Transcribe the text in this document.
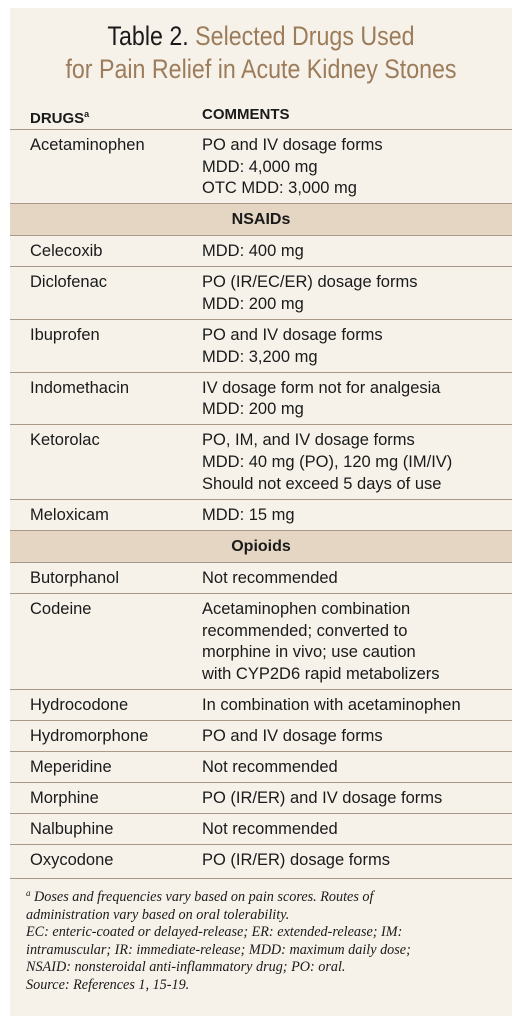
Table 2. Selected Drugs Used
for Pain Relief in Acute Kidney Stones
DRUGS$^a$	COMMENTS
Acetaminophen	PO and IV dosage forms
MDD: 4,000 mg
OTC MDD: 3,000 mg
NSAIDs
Celecoxib	MDD: 400 mg
Diclofenac	PO (IR/EC/ER) dosage forms
MDD: 200 mg
Ibuprofen	PO and IV dosage forms
MDD: 3,200 mg
Indomethacin	IV dosage form not for analgesia
MDD: 200 mg
Ketorolac	PO, IM, and IV dosage forms
MDD: 40 mg (PO), 120 mg (IM/IV)
Should not exceed 5 days of use
Meloxicam	MDD: 15 mg
Opioids
Butorphanol	Not recommended
Codeine	Acetaminophen combination
recommended; converted to
morphine in vivo; use caution
with CYP2D6 rapid metabolizers
Hydrocodone	In combination with acetaminophen
Hydromorphone	PO and IV dosage forms
Meperidine	Not recommended
Morphine	PO (IR/ER) and IV dosage forms
Nalbuphine	Not recommended
Oxycodone	PO (IR/ER) dosage forms
$^a$ Doses and frequencies vary based on pain scores. Routes of
administration vary based on oral tolerability.
EC: enteric-coated or delayed-release; ER: extended-release; IM:
intramuscular; IR: immediate-release; MDD: maximum daily dose;
NSAID: nonsteroidal anti-inflammatory drug; PO: oral.
Source: References 1, 15-19.
